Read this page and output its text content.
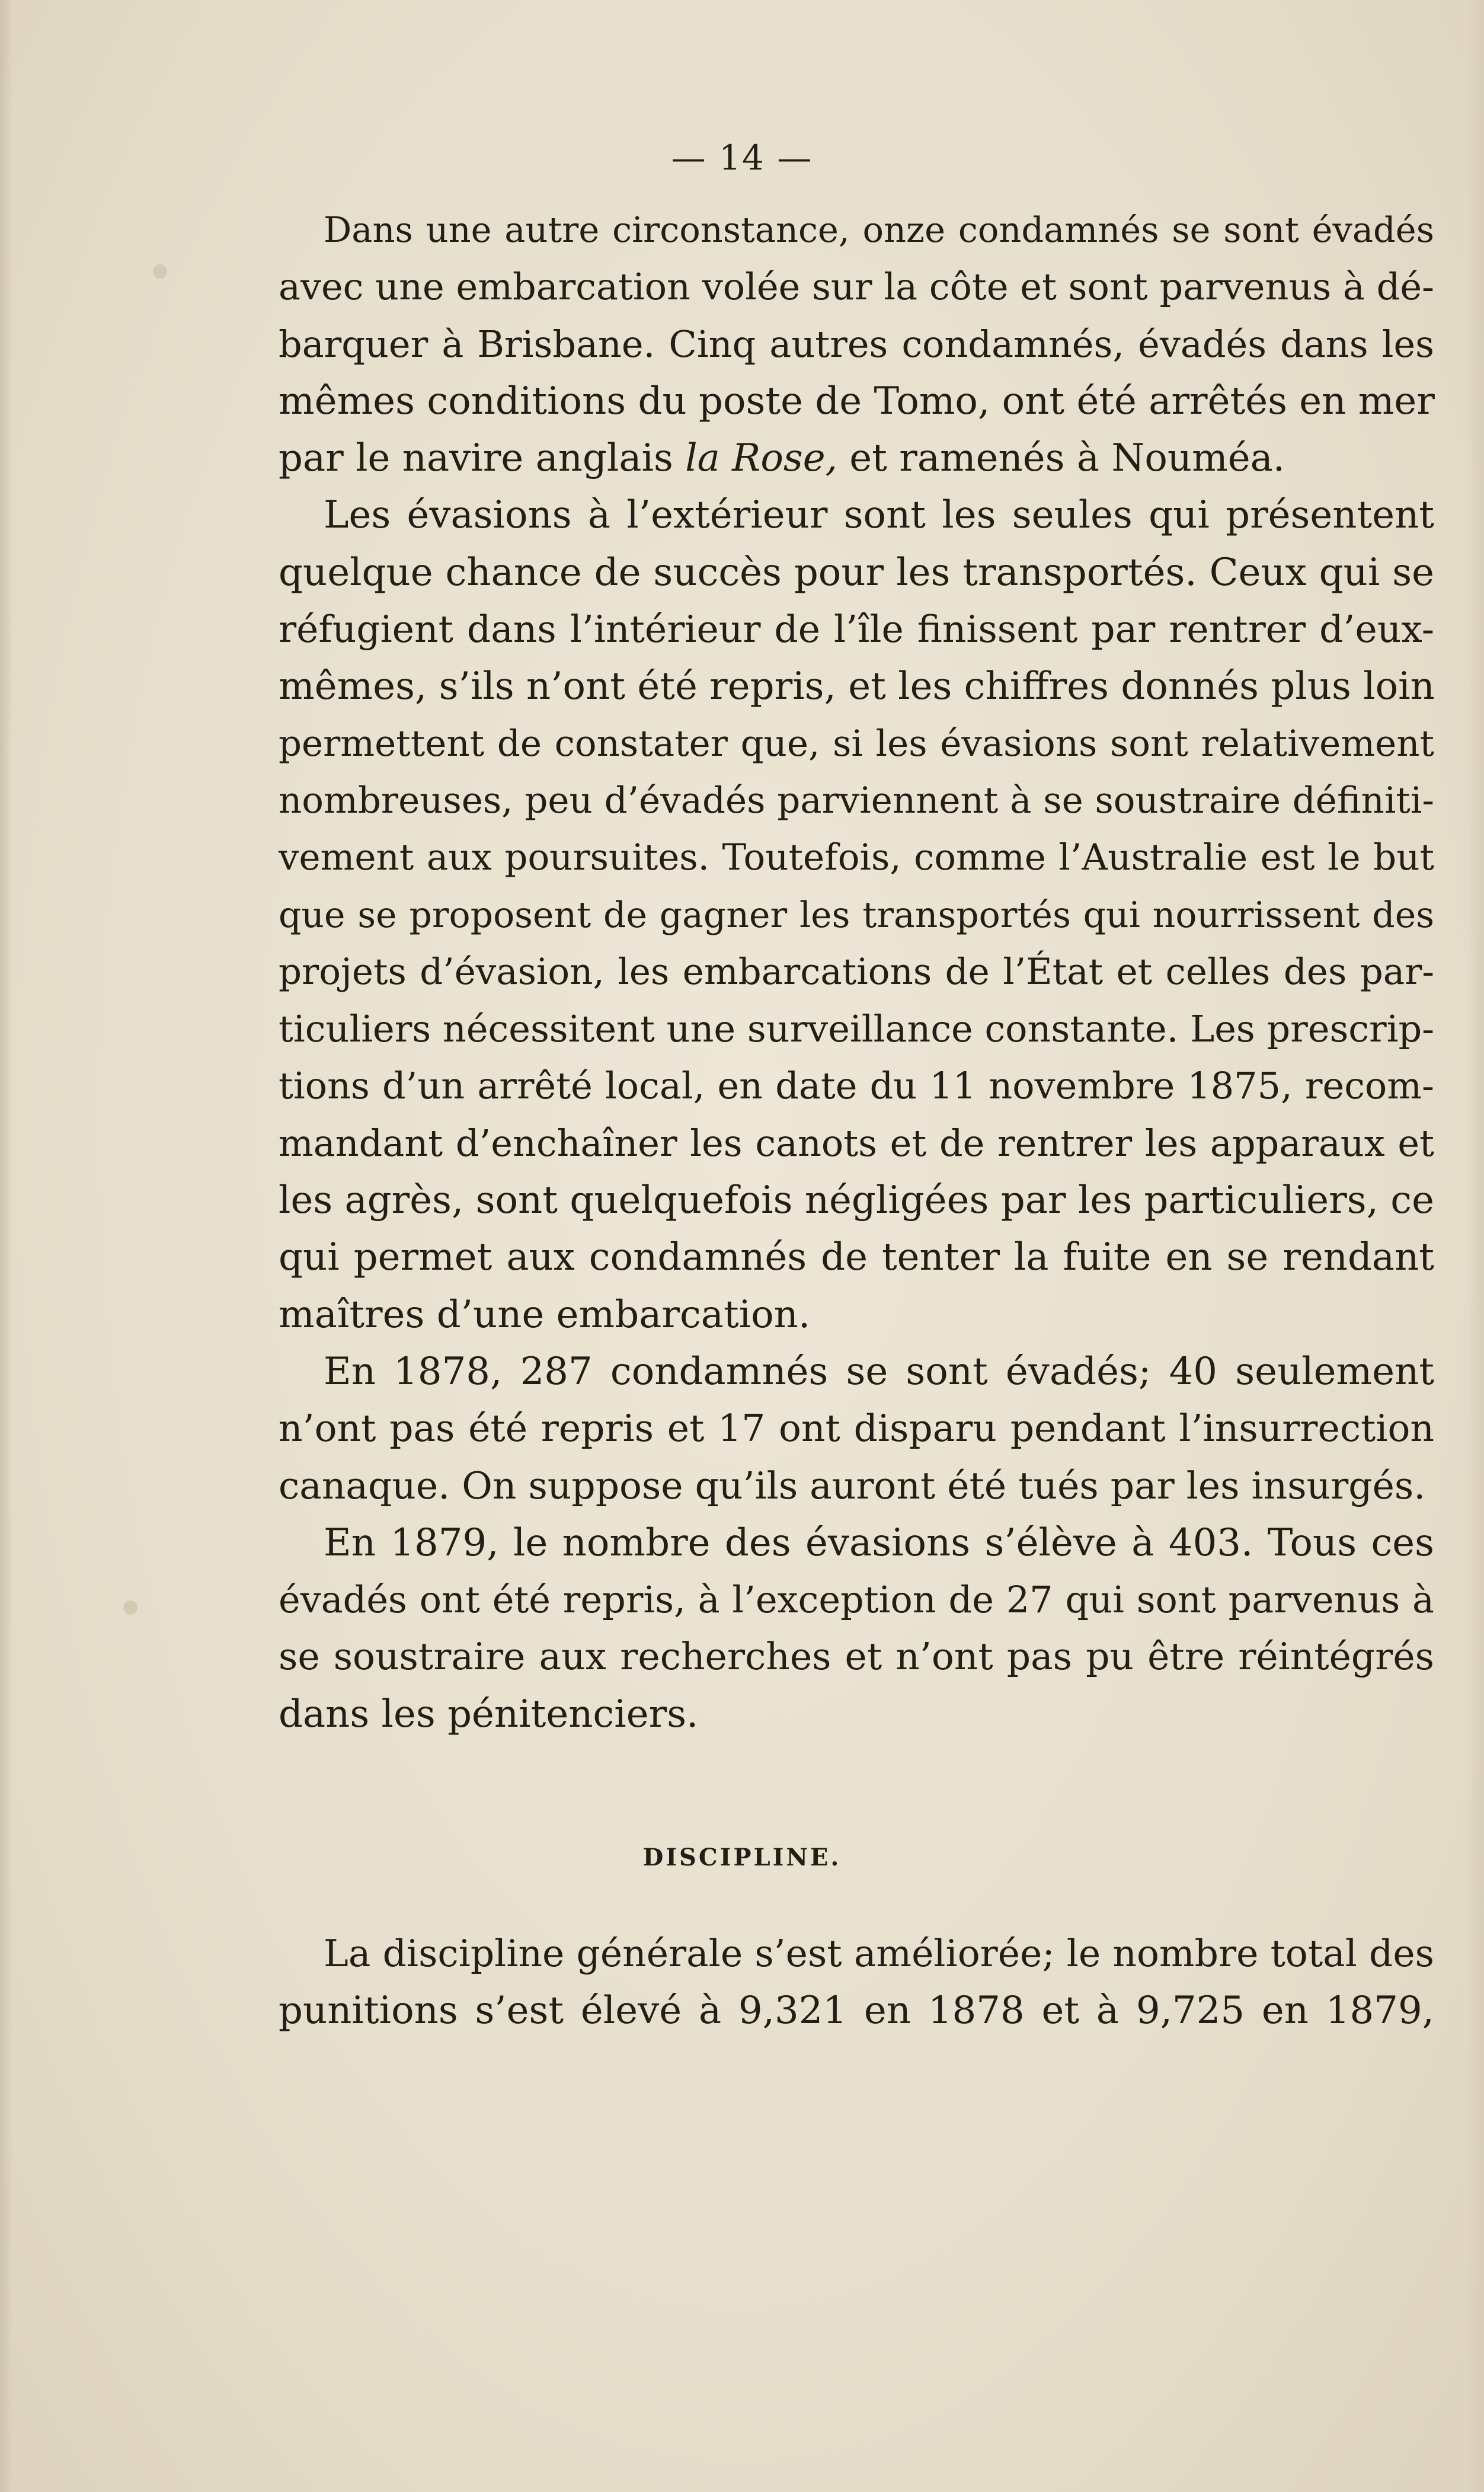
— 14 —
Dans une autre circonstance, onze condamnés se sont évadés
avec une embarcation volée sur la côte et sont parvenus à dé-
barquer à Brisbane. Cinq autres condamnés, évadés dans les
mêmes conditions du poste de Tomo, ont été arrêtés en mer
par le navire anglais la Rose, et ramenés à Nouméa.
Les évasions à l’extérieur sont les seules qui présentent
quelque chance de succès pour les transportés. Ceux qui se
réfugient dans l’intérieur de l’île finissent par rentrer d’eux-
mêmes, s’ils n’ont été repris, et les chiffres donnés plus loin
permettent de constater que, si les évasions sont relativement
nombreuses, peu d’évadés parviennent à se soustraire définiti-
vement aux poursuites. Toutefois, comme l’Australie est le but
que se proposent de gagner les transportés qui nourrissent des
projets d’évasion, les embarcations de l’État et celles des par-
ticuliers nécessitent une surveillance constante. Les prescrip-
tions d’un arrêté local, en date du 11 novembre 1875, recom-
mandant d’enchaîner les canots et de rentrer les apparaux et
les agrès, sont quelquefois négligées par les particuliers, ce
qui permet aux condamnés de tenter la fuite en se rendant
maîtres d’une embarcation.
En 1878, 287 condamnés se sont évadés; 40 seulement
n’ont pas été repris et 17 ont disparu pendant l’insurrection
canaque. On suppose qu’ils auront été tués par les insurgés.
En 1879, le nombre des évasions s’élève à 403. Tous ces
évadés ont été repris, à l’exception de 27 qui sont parvenus à
se soustraire aux recherches et n’ont pas pu être réintégrés
dans les pénitenciers.
DISCIPLINE.
La discipline générale s’est améliorée; le nombre total des
punitions s’est élevé à 9,321 en 1878 et à 9,725 en 1879,
